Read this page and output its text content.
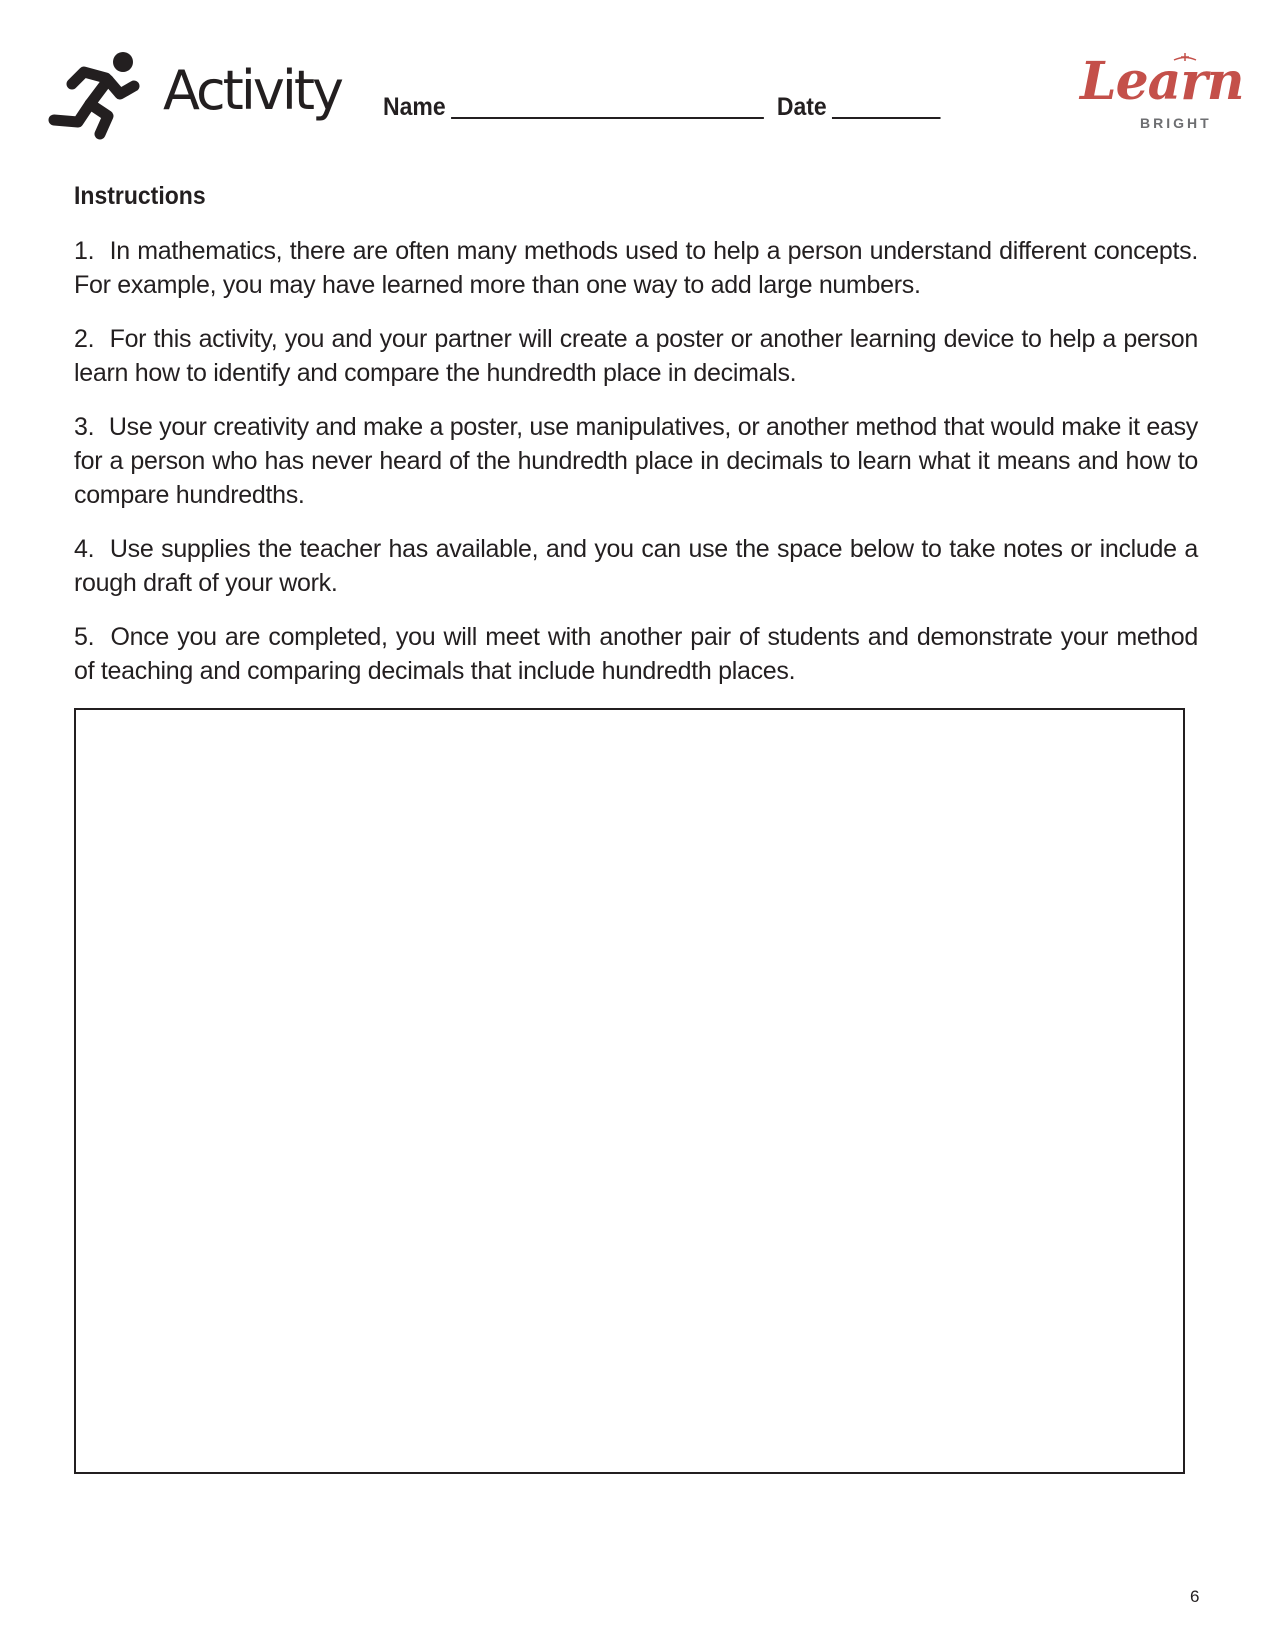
Activity Name	Date	Learn
BRIGHT
Instructions
1. In mathematics, there are often many methods used to help a person understand different concepts. For example, you may have learned more than one way to add large numbers.
2. For this activity, you and your partner will create a poster or another learning device to help a person learn how to identify and compare the hundredth place in decimals.
3. Use your creativity and make a poster, use manipulatives, or another method that would make it easy for a person who has never heard of the hundredth place in decimals to learn what it means and how to compare hundredths.
4. Use supplies the teacher has available, and you can use the space below to take notes or include a rough draft of your work.
5. Once you are completed, you will meet with another pair of students and demonstrate your method of teaching and comparing decimals that include hundredth places.
6
